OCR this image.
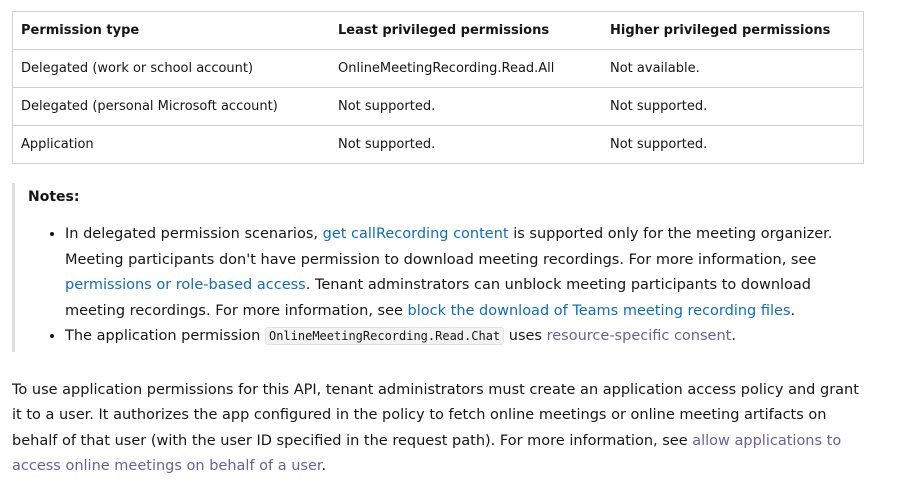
Permission type	Least privileged permissions	Higher privileged permissions
Delegated (work or school account)	OnlineMeetingRecording.Read.All	Not available.
Delegated (personal Microsoft account)	Not supported.	Not supported.
Application	Not supported.	Not supported.
Notes:
• In delegated permission scenarios, get callRecording content is supported only for the meeting organizer. Meeting participants don't have permission to download meeting recordings. For more information, see permissions or role-based access. Tenant adminstrators can unblock meeting participants to download meeting recordings. For more information, see block the download of Teams meeting recording files.
• The application permission OnlineMeetingRecording.Read.Chat uses resource-specific consent.

To use application permissions for this API, tenant administrators must create an application access policy and grant it to a user. It authorizes the app configured in the policy to fetch online meetings or online meeting artifacts on behalf of that user (with the user ID specified in the request path). For more information, see allow applications to access online meetings on behalf of a user.
